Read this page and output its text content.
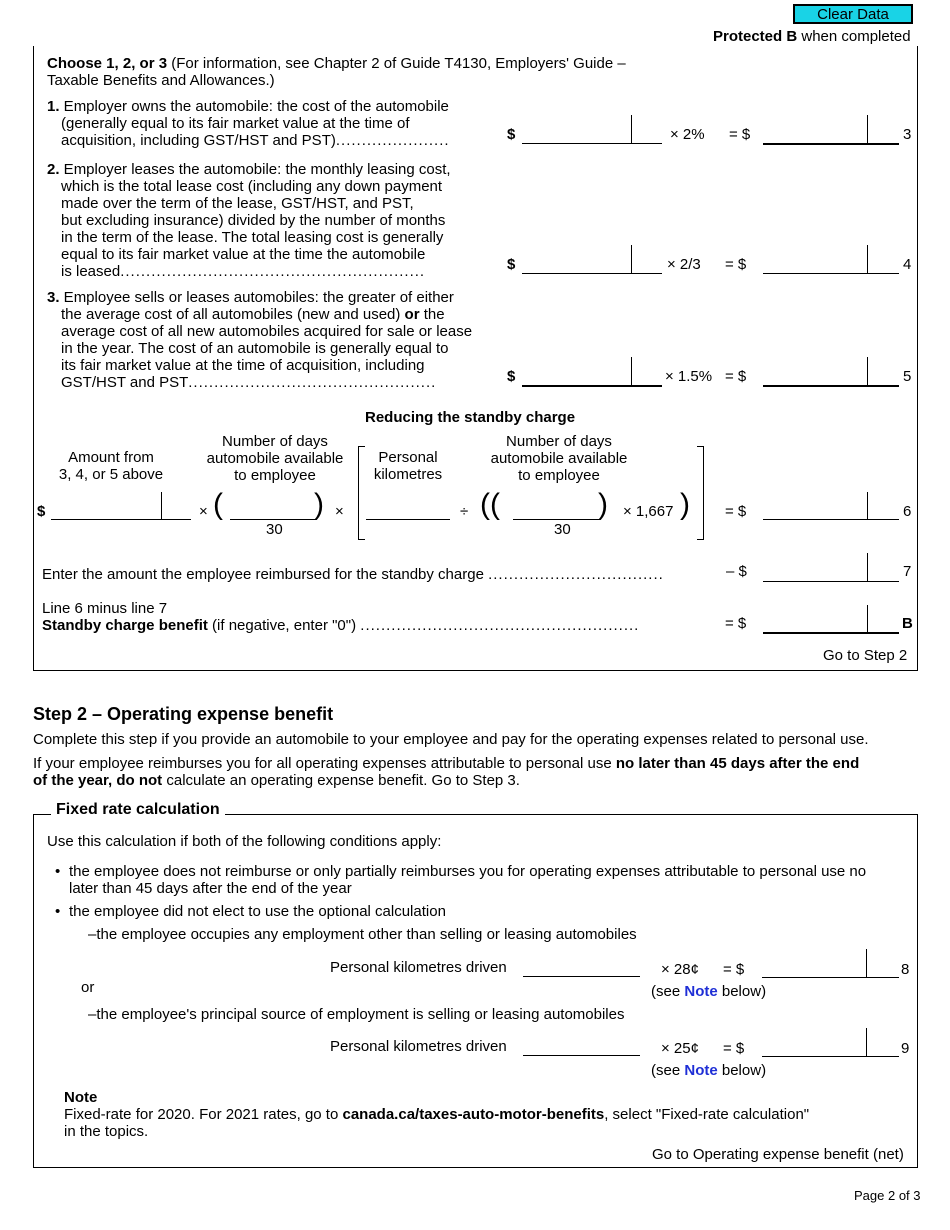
Clear Data
Protected B when completed
Choose 1, 2, or 3 (For information, see Chapter 2 of Guide T4130, Employers' Guide –
Taxable Benefits and Allowances.)
1. Employer owns the automobile: the cost of the automobile
(generally equal to its fair market value at the time of
acquisition, including GST/HST and PST)......................	$	× 2% = $	3
2. Employer leases the automobile: the monthly leasing cost,
which is the total lease cost (including any down payment
made over the term of the lease, GST/HST, and PST,
but excluding insurance) divided by the number of months
in the term of the lease. The total leasing cost is generally
equal to its fair market value at the time the automobile
is leased...........................................................	$	× 2/3 = $	4
3. Employee sells or leases automobiles: the greater of either
the average cost of all automobiles (new and used) or the
average cost of all new automobiles acquired for sale or lease
in the year. The cost of an automobile is generally equal to
its fair market value at the time of acquisition, including
GST/HST and PST................................................	$	× 1.5% = $	5
Reducing the standby charge
Amount from
3, 4, or 5 above
Number of days
automobile available
to employee
Personal
kilometres
Number of days
automobile available
to employee
$	× (	)
30
×	÷ ((	)
30
× 1,667 ) = $	6
Enter the amount the employee reimbursed for the standby charge ..................................	– $	7
Line 6 minus line 7
Standby charge benefit (if negative, enter "0") ......................................................	= $	B
Go to Step 2
Step 2 – Operating expense benefit
Complete this step if you provide an automobile to your employee and pay for the operating expenses related to personal use.
If your employee reimburses you for all operating expenses attributable to personal use no later than 45 days after the end
of the year, do not calculate an operating expense benefit. Go to Step 3.
Fixed rate calculation
Use this calculation if both of the following conditions apply:
• the employee does not reimburse or only partially reimburses you for operating expenses attributable to personal use no
later than 45 days after the end of the year
• the employee did not elect to use the optional calculation
–the employee occupies any employment other than selling or leasing automobiles
Personal kilometres driven	× 28¢ = $	8
(see Note below)
or
–the employee's principal source of employment is selling or leasing automobiles
Personal kilometres driven	× 25¢ = $	9
(see Note below)
Note
Fixed-rate for 2020. For 2021 rates, go to canada.ca/taxes-auto-motor-benefits, select "Fixed-rate calculation"
in the topics.
Go to Operating expense benefit (net)
Page 2 of 3
